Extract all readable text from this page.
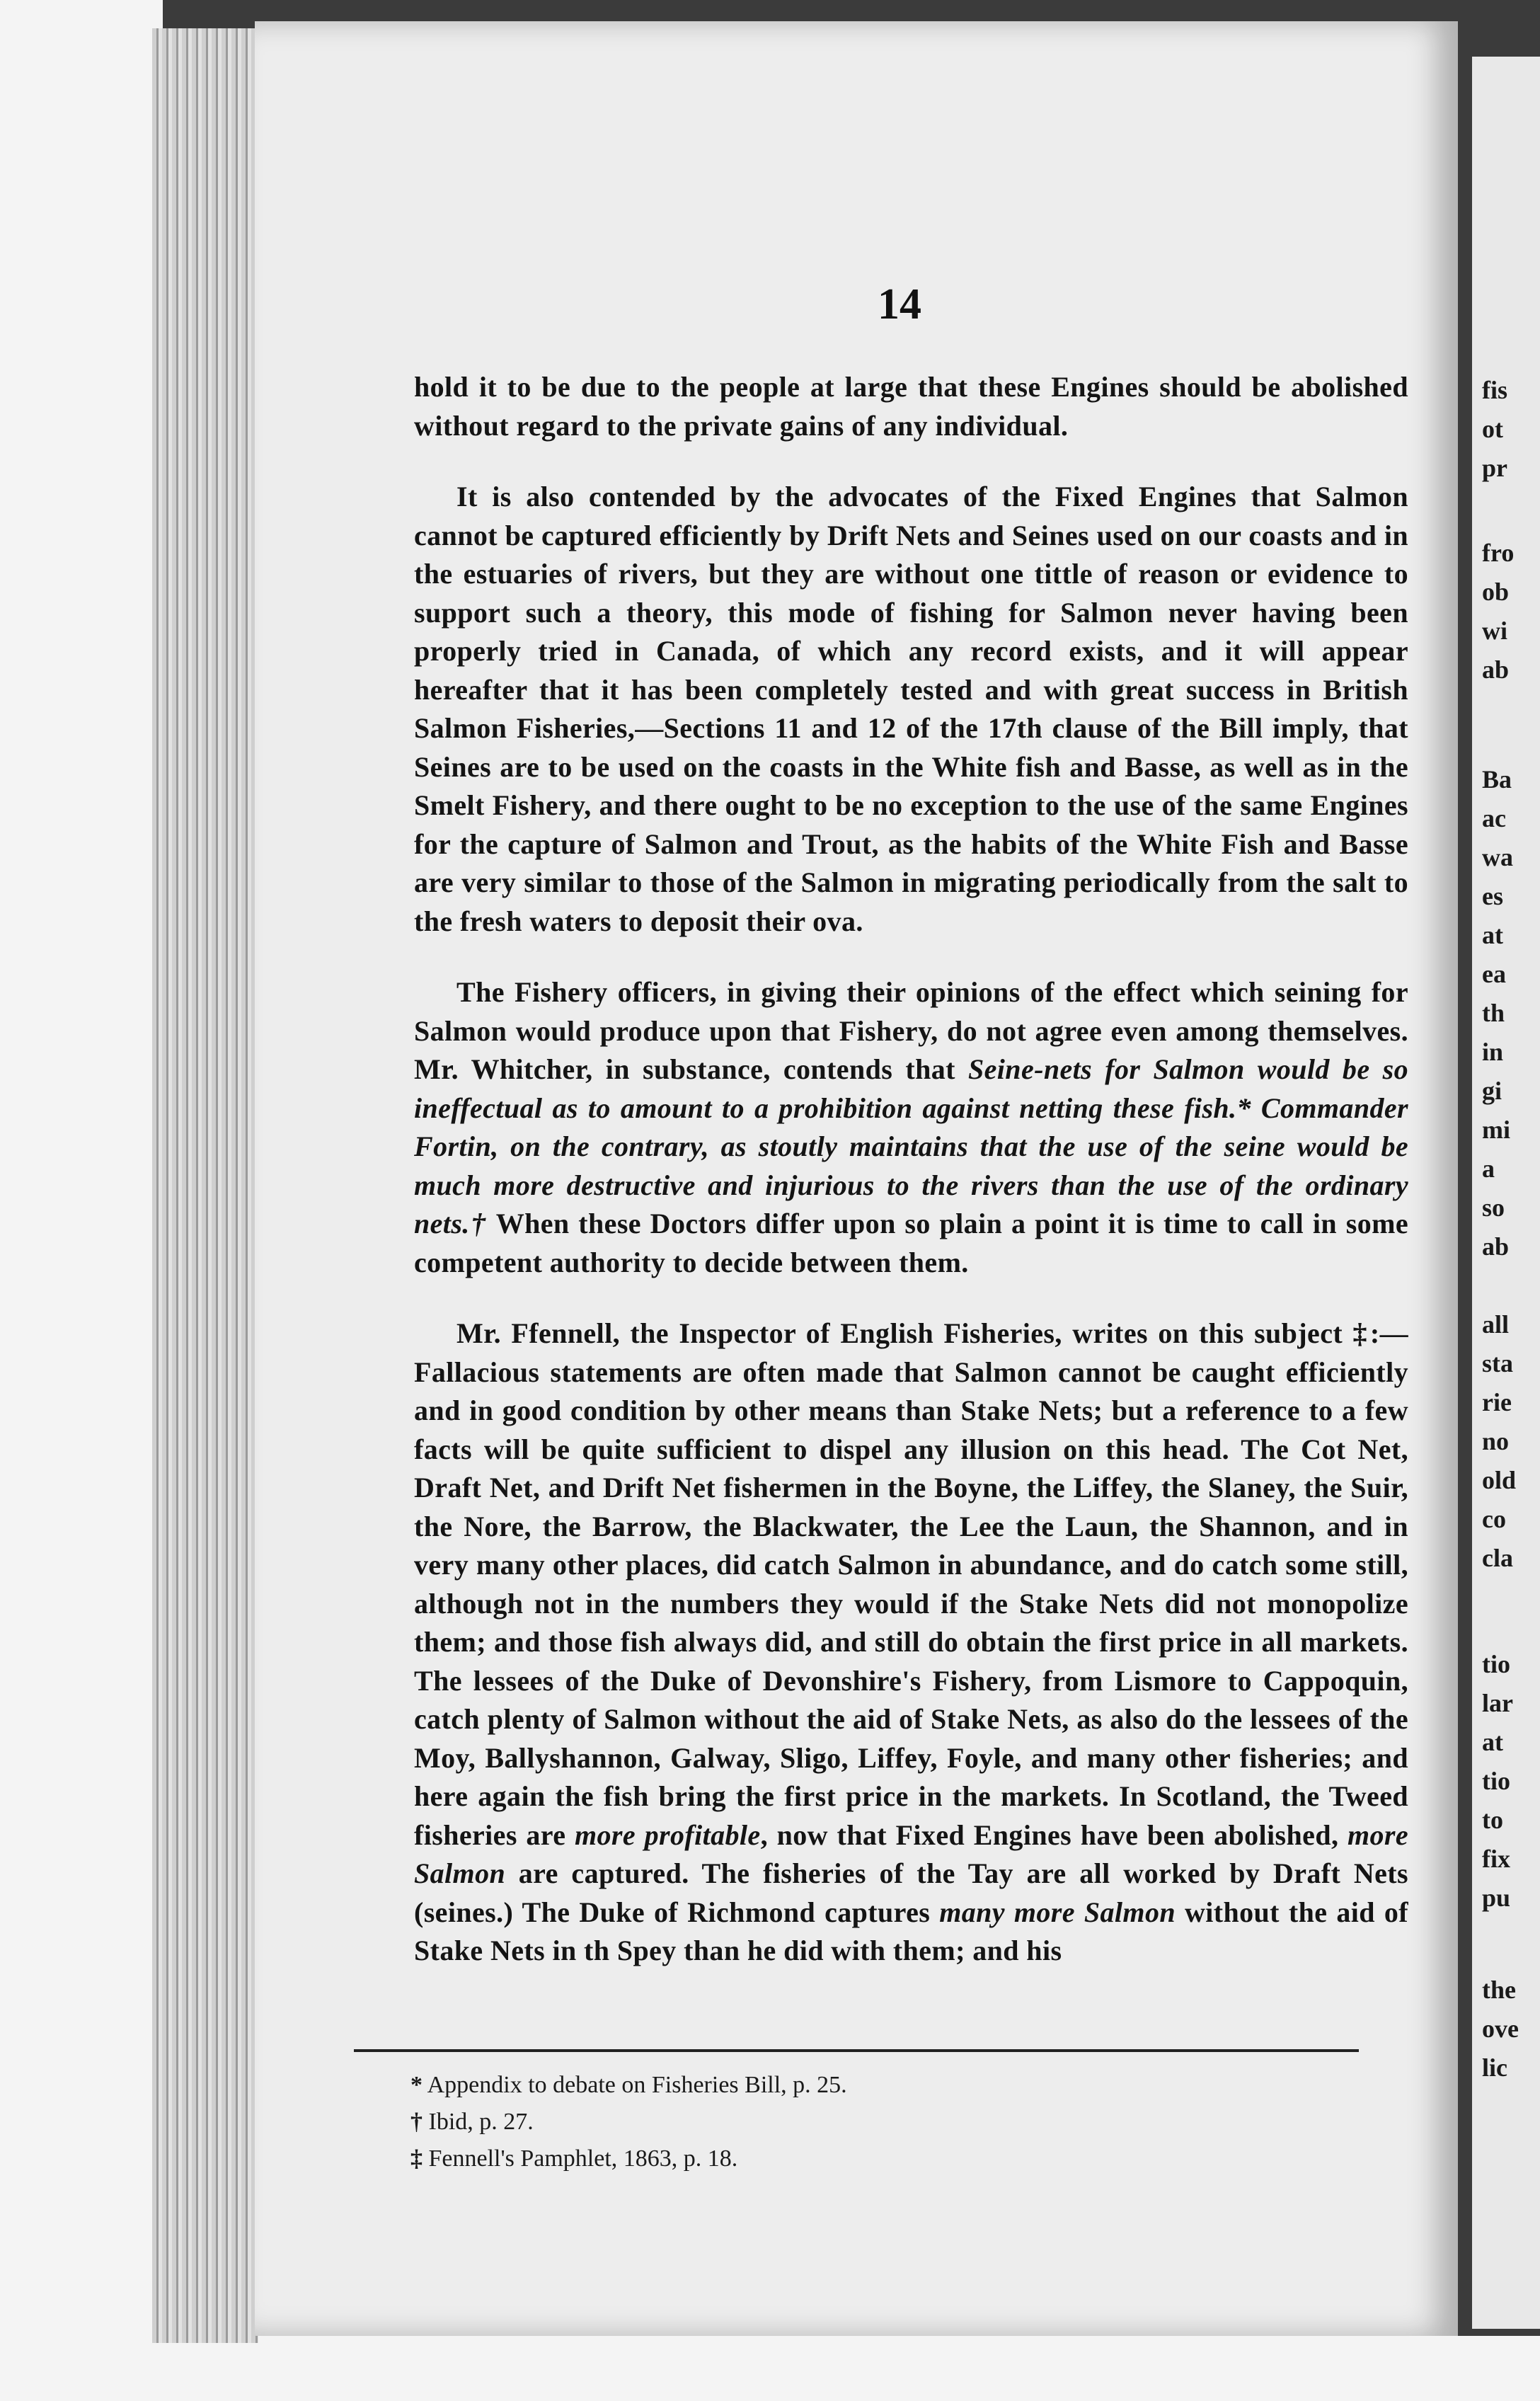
fis
ot
pr
fro
ob
wi
ab
Ba
ac
wa
es
at
ea
th
in
gi
mi
a
so
ab
all
sta
rie
no
old
co
cla
tio
lar
at
tio
to
fix
pu
the
ove
lic
14

hold it to be due to the people at large that these Engines should be abolished without regard to the private gains of any individual.

It is also contended by the advocates of the Fixed Engines that Salmon cannot be captured efficiently by Drift Nets and Seines used on our coasts and in the estuaries of rivers, but they are without one tittle of reason or evidence to support such a theory, this mode of fishing for Salmon never having been properly tried in Canada, of which any record exists, and it will appear hereafter that it has been completely tested and with great success in British Salmon Fisheries,—Sections 11 and 12 of the 17th clause of the Bill imply, that Seines are to be used on the coasts in the White fish and Basse, as well as in the Smelt Fishery, and there ought to be no exception to the use of the same Engines for the capture of Salmon and Trout, as the habits of the White Fish and Basse are very similar to those of the Salmon in migrating periodically from the salt to the fresh waters to deposit their ova.

The Fishery officers, in giving their opinions of the effect which seining for Salmon would produce upon that Fishery, do not agree even among themselves. Mr. Whitcher, in substance, contends that Seine-nets for Salmon would be so ineffectual as to amount to a prohibition against netting these fish.* Commander Fortin, on the contrary, as stoutly maintains that the use of the seine would be much more destructive and injurious to the rivers than the use of the ordinary nets.† When these Doctors differ upon so plain a point it is time to call in some competent authority to decide between them.

Mr. Ffennell, the Inspector of English Fisheries, writes on this subject ‡:—Fallacious statements are often made that Salmon cannot be caught efficiently and in good condition by other means than Stake Nets; but a reference to a few facts will be quite sufficient to dispel any illusion on this head. The Cot Net, Draft Net, and Drift Net fishermen in the Boyne, the Liffey, the Slaney, the Suir, the Nore, the Barrow, the Blackwater, the Lee the Laun, the Shannon, and in very many other places, did catch Salmon in abundance, and do catch some still, although not in the numbers they would if the Stake Nets did not monopolize them; and those fish always did, and still do obtain the first price in all markets. The lessees of the Duke of Devonshire's Fishery, from Lismore to Cappoquin, catch plenty of Salmon without the aid of Stake Nets, as also do the lessees of the Moy, Ballyshannon, Galway, Sligo, Liffey, Foyle, and many other fisheries; and here again the fish bring the first price in the markets. In Scotland, the Tweed fisheries are more profitable, now that Fixed Engines have been abolished, more Salmon are captured. The fisheries of the Tay are all worked by Draft Nets (seines.) The Duke of Richmond captures many more Salmon without the aid of Stake Nets in th Spey than he did with them; and his

* Appendix to debate on Fisheries Bill, p. 25.
† Ibid, p. 27.
‡ Fennell's Pamphlet, 1863, p. 18.
